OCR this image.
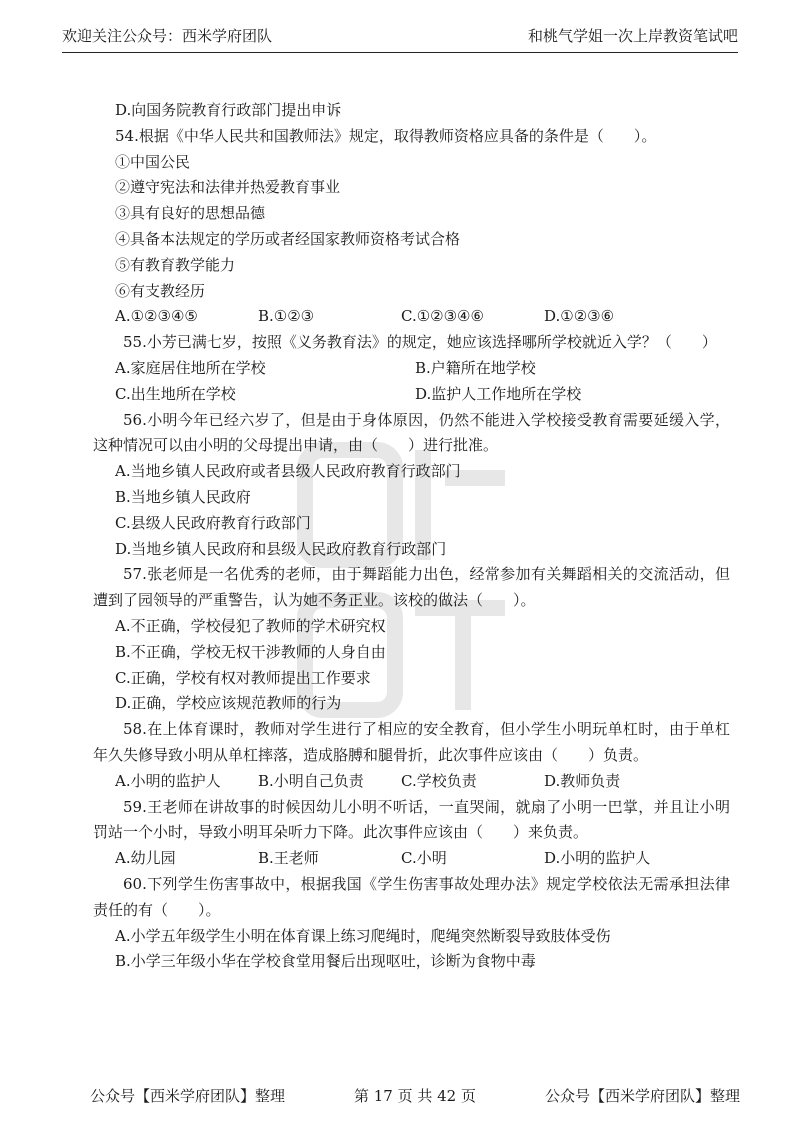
欢迎关注公众号：西米学府团队	和桃气学姐一次上岸教资笔试吧
D.向国务院教育行政部门提出申诉
54.根据《中华人民共和国教师法》规定，取得教师资格应具备的条件是（　　）。
①中国公民
②遵守宪法和法律并热爱教育事业
③具有良好的思想品德
④具备本法规定的学历或者经国家教师资格考试合格
⑤有教育教学能力
⑥有支教经历
A.①②③④⑤	B.①②③	C.①②③④⑥	D.①②③⑥
55.小芳已满七岁，按照《义务教育法》的规定，她应该选择哪所学校就近入学？（　　）
A.家庭居住地所在学校	B.户籍所在地学校
C.出生地所在学校	D.监护人工作地所在学校
56.小明今年已经六岁了，但是由于身体原因，仍然不能进入学校接受教育需要延缓入学，这种情况可以由小明的父母提出申请，由（　　）进行批准。
A.当地乡镇人民政府或者县级人民政府教育行政部门
B.当地乡镇人民政府
C.县级人民政府教育行政部门
D.当地乡镇人民政府和县级人民政府教育行政部门
57.张老师是一名优秀的老师，由于舞蹈能力出色，经常参加有关舞蹈相关的交流活动，但遭到了园领导的严重警告，认为她不务正业。该校的做法（　　）。
A.不正确，学校侵犯了教师的学术研究权
B.不正确，学校无权干涉教师的人身自由
C.正确，学校有权对教师提出工作要求
D.正确，学校应该规范教师的行为
58.在上体育课时，教师对学生进行了相应的安全教育，但小学生小明玩单杠时，由于单杠年久失修导致小明从单杠摔落，造成胳膊和腿骨折，此次事件应该由（　　）负责。
A.小明的监护人	B.小明自己负责	C.学校负责	D.教师负责
59.王老师在讲故事的时候因幼儿小明不听话，一直哭闹，就扇了小明一巴掌，并且让小明罚站一个小时，导致小明耳朵听力下降。此次事件应该由（　　）来负责。
A.幼儿园	B.王老师	C.小明	D.小明的监护人
60.下列学生伤害事故中，根据我国《学生伤害事故处理办法》规定学校依法无需承担法律责任的有（　　）。
A.小学五年级学生小明在体育课上练习爬绳时，爬绳突然断裂导致肢体受伤
B.小学三年级小华在学校食堂用餐后出现呕吐，诊断为食物中毒
公众号【西米学府团队】整理	第 17 页 共 42 页	公众号【西米学府团队】整理
